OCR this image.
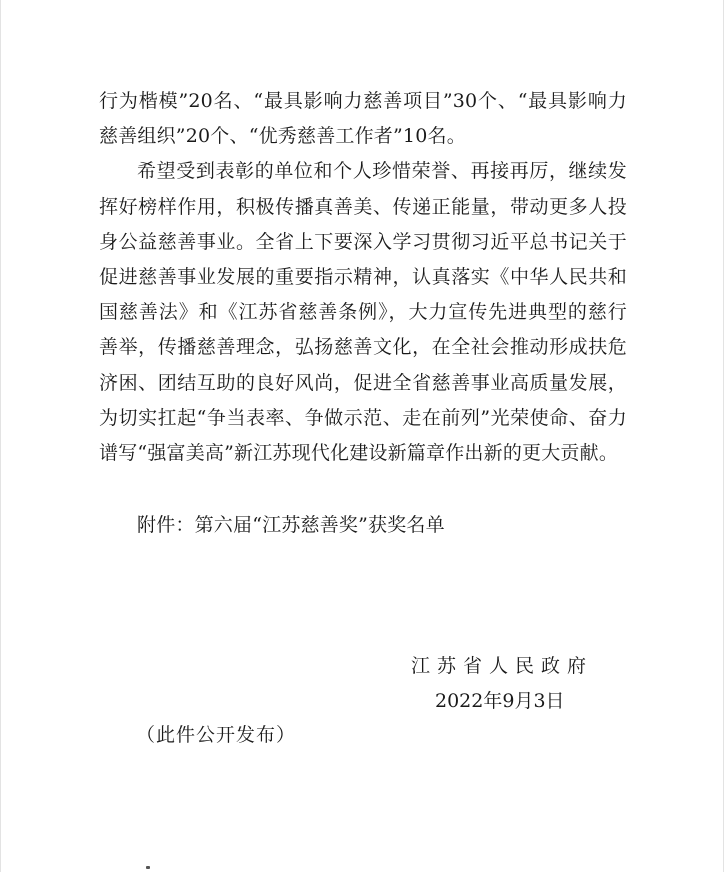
行为楷模”20名、“最具影响力慈善项目”30个、“最具影响力慈善组织”20个、“优秀慈善工作者”10名。

希望受到表彰的单位和个人珍惜荣誉、再接再厉，继续发挥好榜样作用，积极传播真善美、传递正能量，带动更多人投身公益慈善事业。全省上下要深入学习贯彻习近平总书记关于促进慈善事业发展的重要指示精神，认真落实《中华人民共和国慈善法》和《江苏省慈善条例》，大力宣传先进典型的慈行善举，传播慈善理念，弘扬慈善文化，在全社会推动形成扶危济困、团结互助的良好风尚，促进全省慈善事业高质量发展，为切实扛起“争当表率、争做示范、走在前列”光荣使命、奋力谱写“强富美高”新江苏现代化建设新篇章作出新的更大贡献。

附件：第六届“江苏慈善奖”获奖名单
江苏省人民政府
2022年9月3日
（此件公开发布）
